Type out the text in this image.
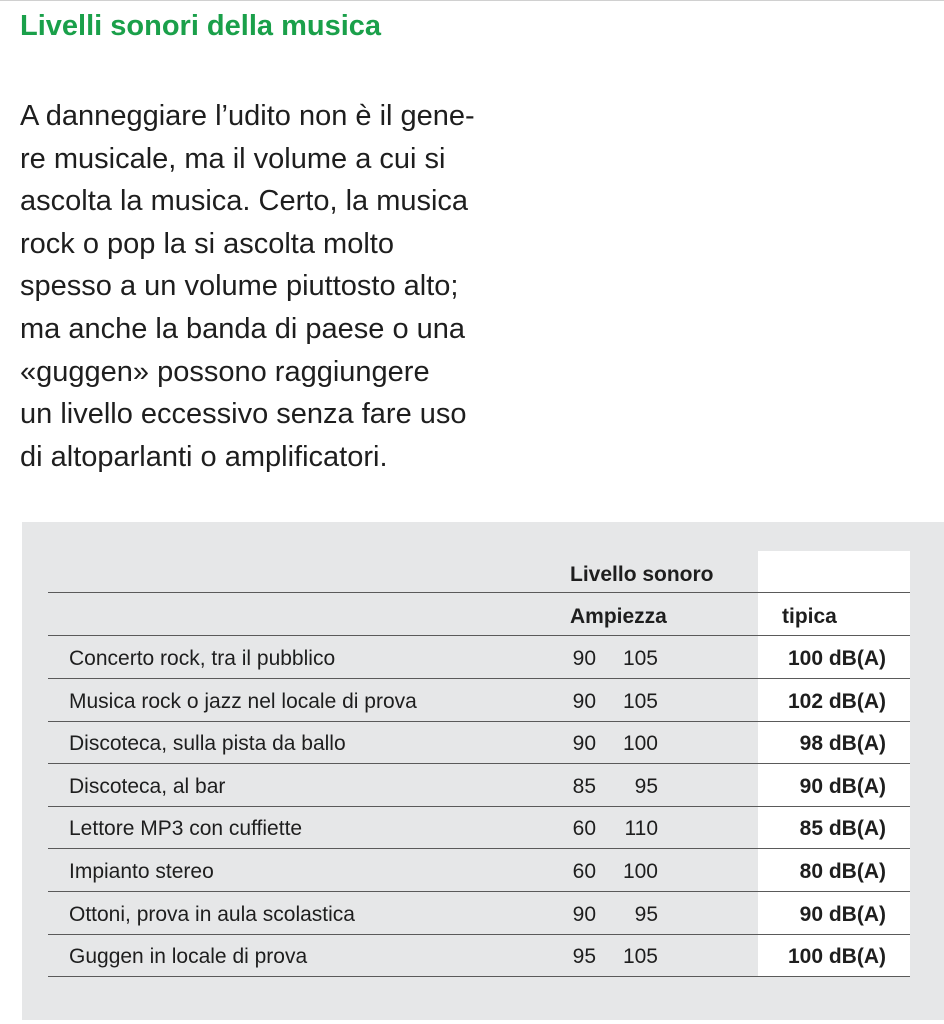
Livelli sonori della musica
A danneggiare l’udito non è il gene-
re musicale, ma il volume a cui si
ascolta la musica. Certo, la musica
rock o pop la si ascolta molto
spesso a un volume piuttosto alto;
ma anche la banda di paese o una
«guggen» possono raggiungere
un livello eccessivo senza fare uso
di altoparlanti o amplificatori.
Livello sonoro
Ampiezza	tipica
Concerto rock, tra il pubblico	90	105	100 dB(A)
Musica rock o jazz nel locale di prova	90	105	102 dB(A)
Discoteca, sulla pista da ballo	90	100	98 dB(A)
Discoteca, al bar	85	95	90 dB(A)
Lettore MP3 con cuffiette	60	110	85 dB(A)
Impianto stereo	60	100	80 dB(A)
Ottoni, prova in aula scolastica	90	95	90 dB(A)
Guggen in locale di prova	95	105	100 dB(A)
